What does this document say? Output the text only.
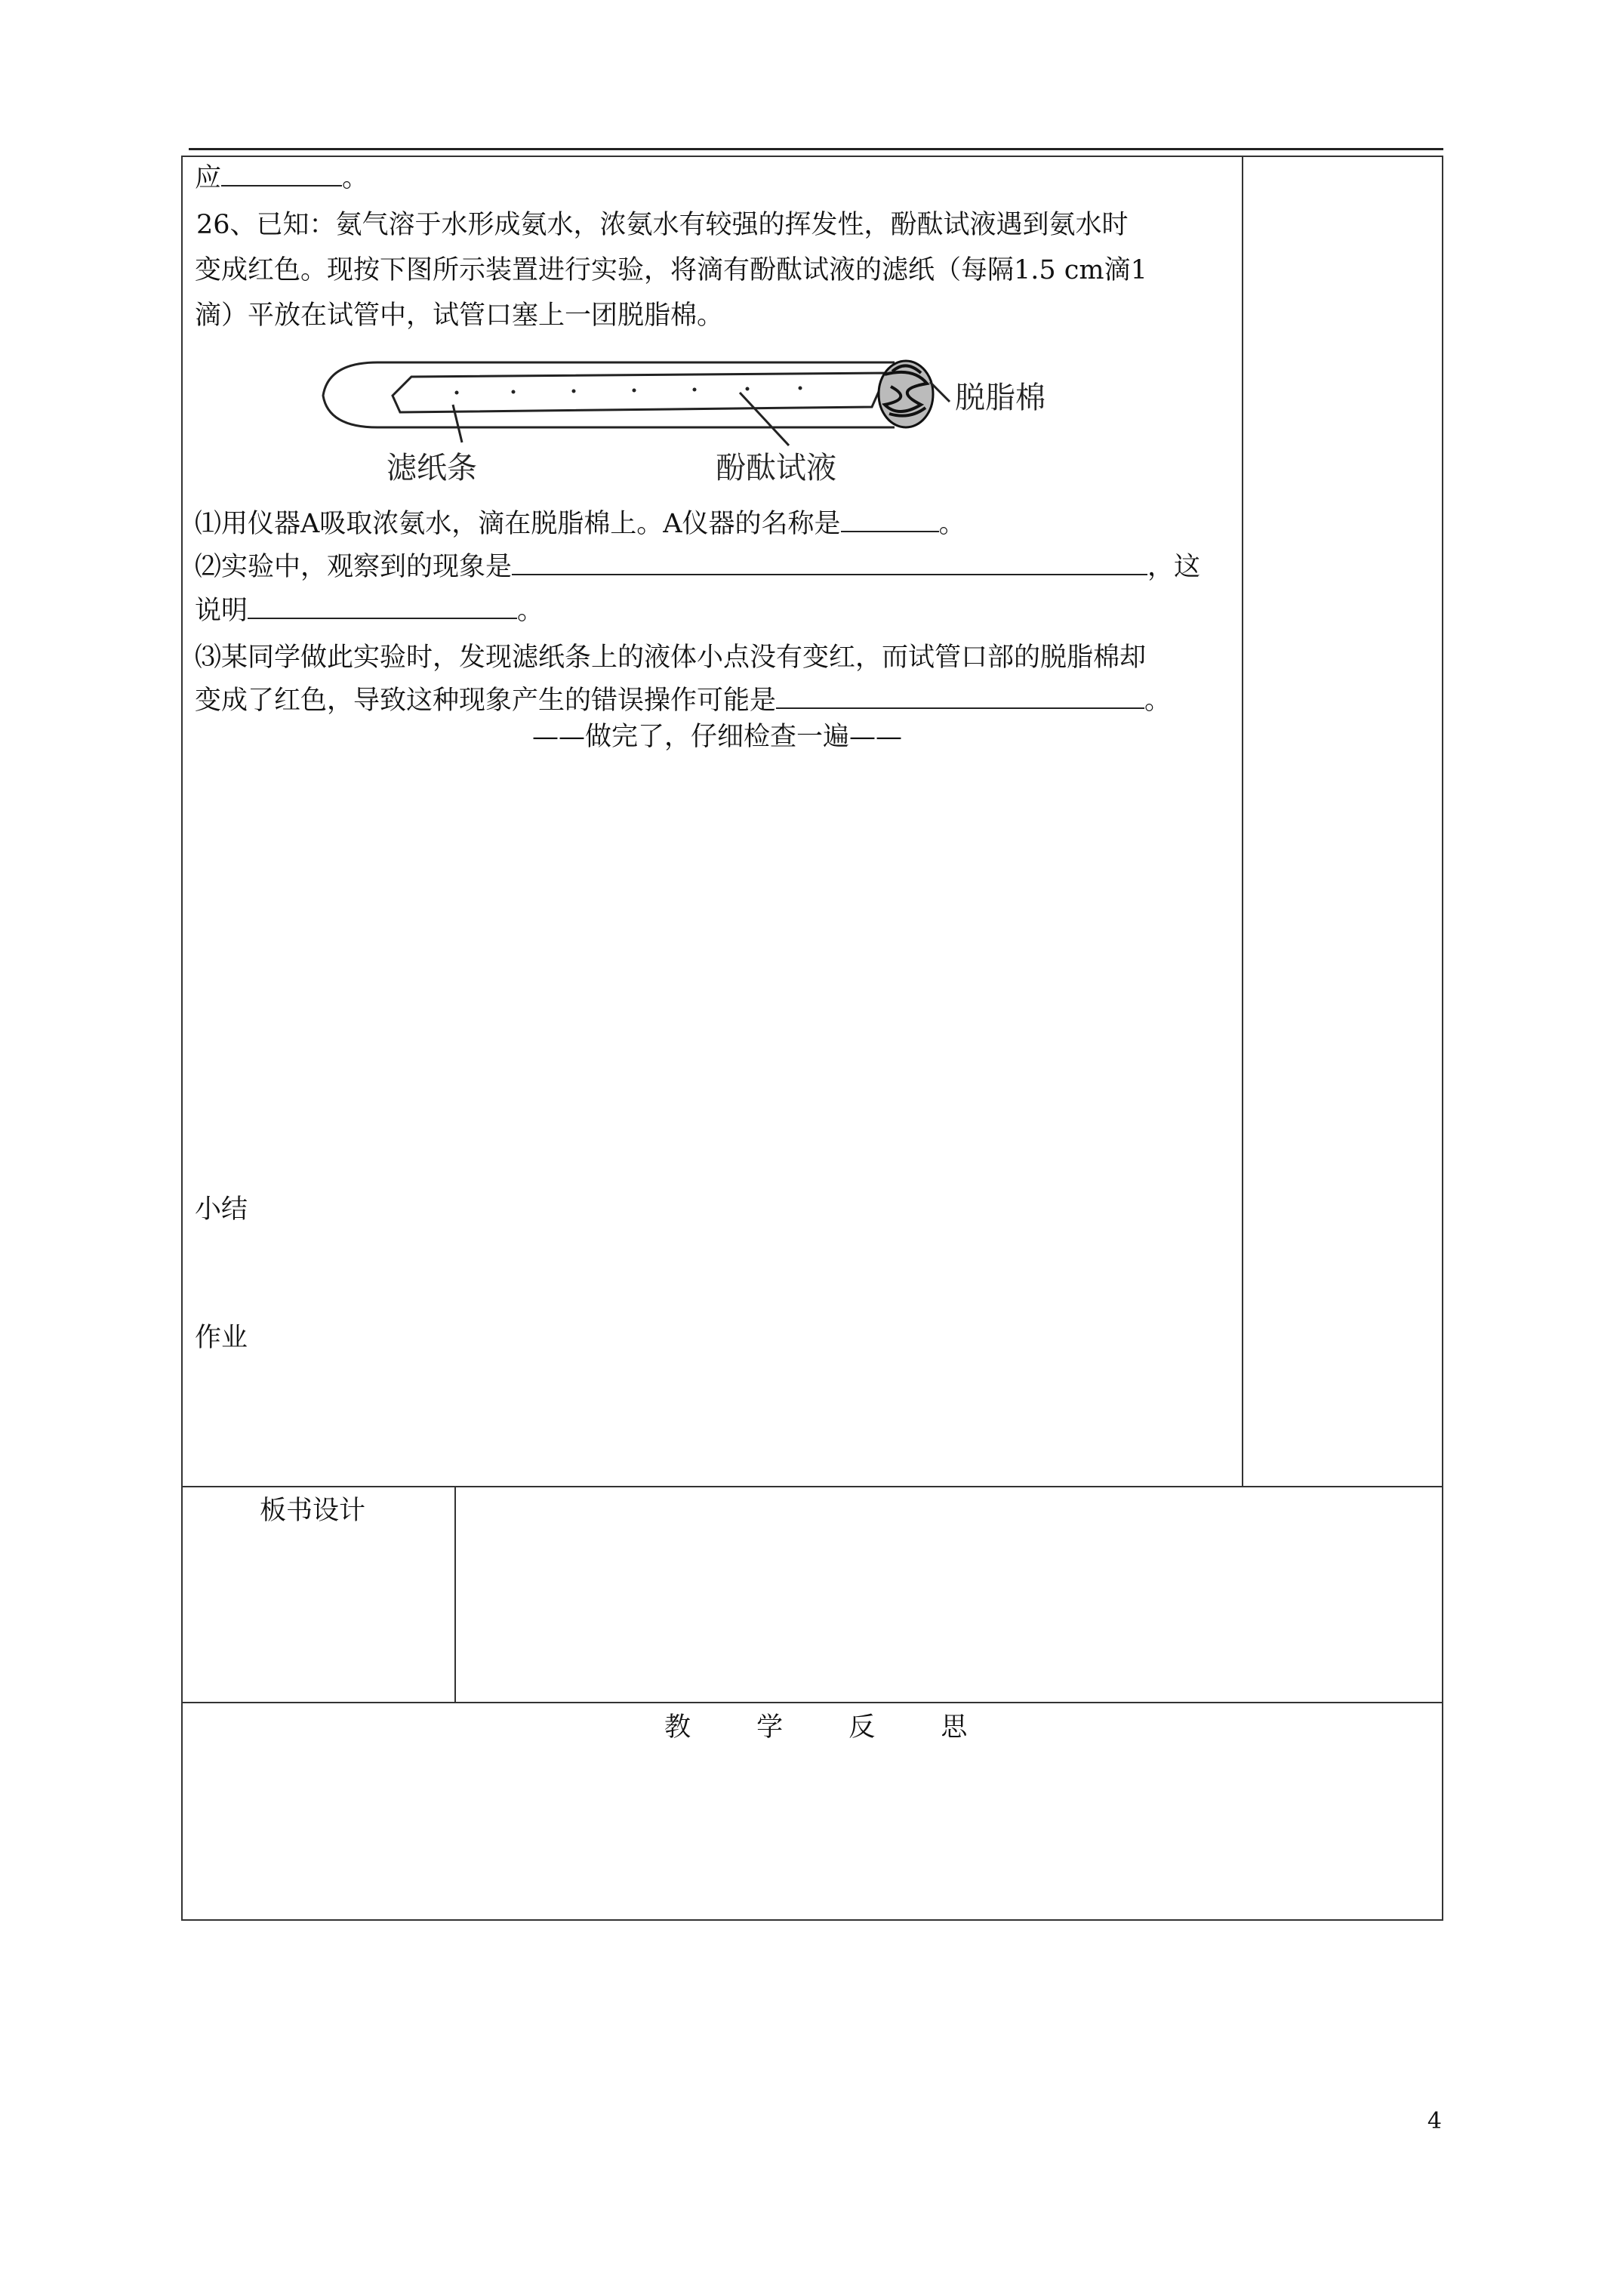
应	。
26、已知：氨气溶于水形成氨水，浓氨水有较强的挥发性，酚酞试液遇到氨水时
变成红色。现按下图所示装置进行实验，将滴有酚酞试液的滤纸（每隔1.5 cm滴1
滴）平放在试管中，试管口塞上一团脱脂棉。
脱脂棉
滤纸条	酚酞试液
⑴用仪器A吸取浓氨水，滴在脱脂棉上。A仪器的名称是	。
⑵实验中，观察到的现象是	，这
说明	。
⑶某同学做此实验时，发现滤纸条上的液体小点没有变红，而试管口部的脱脂棉却
变成了红色，导致这种现象产生的错误操作可能是	。
——做完了，仔细检查一遍——
小结
作业
板书设计
教 学 反 思
4
